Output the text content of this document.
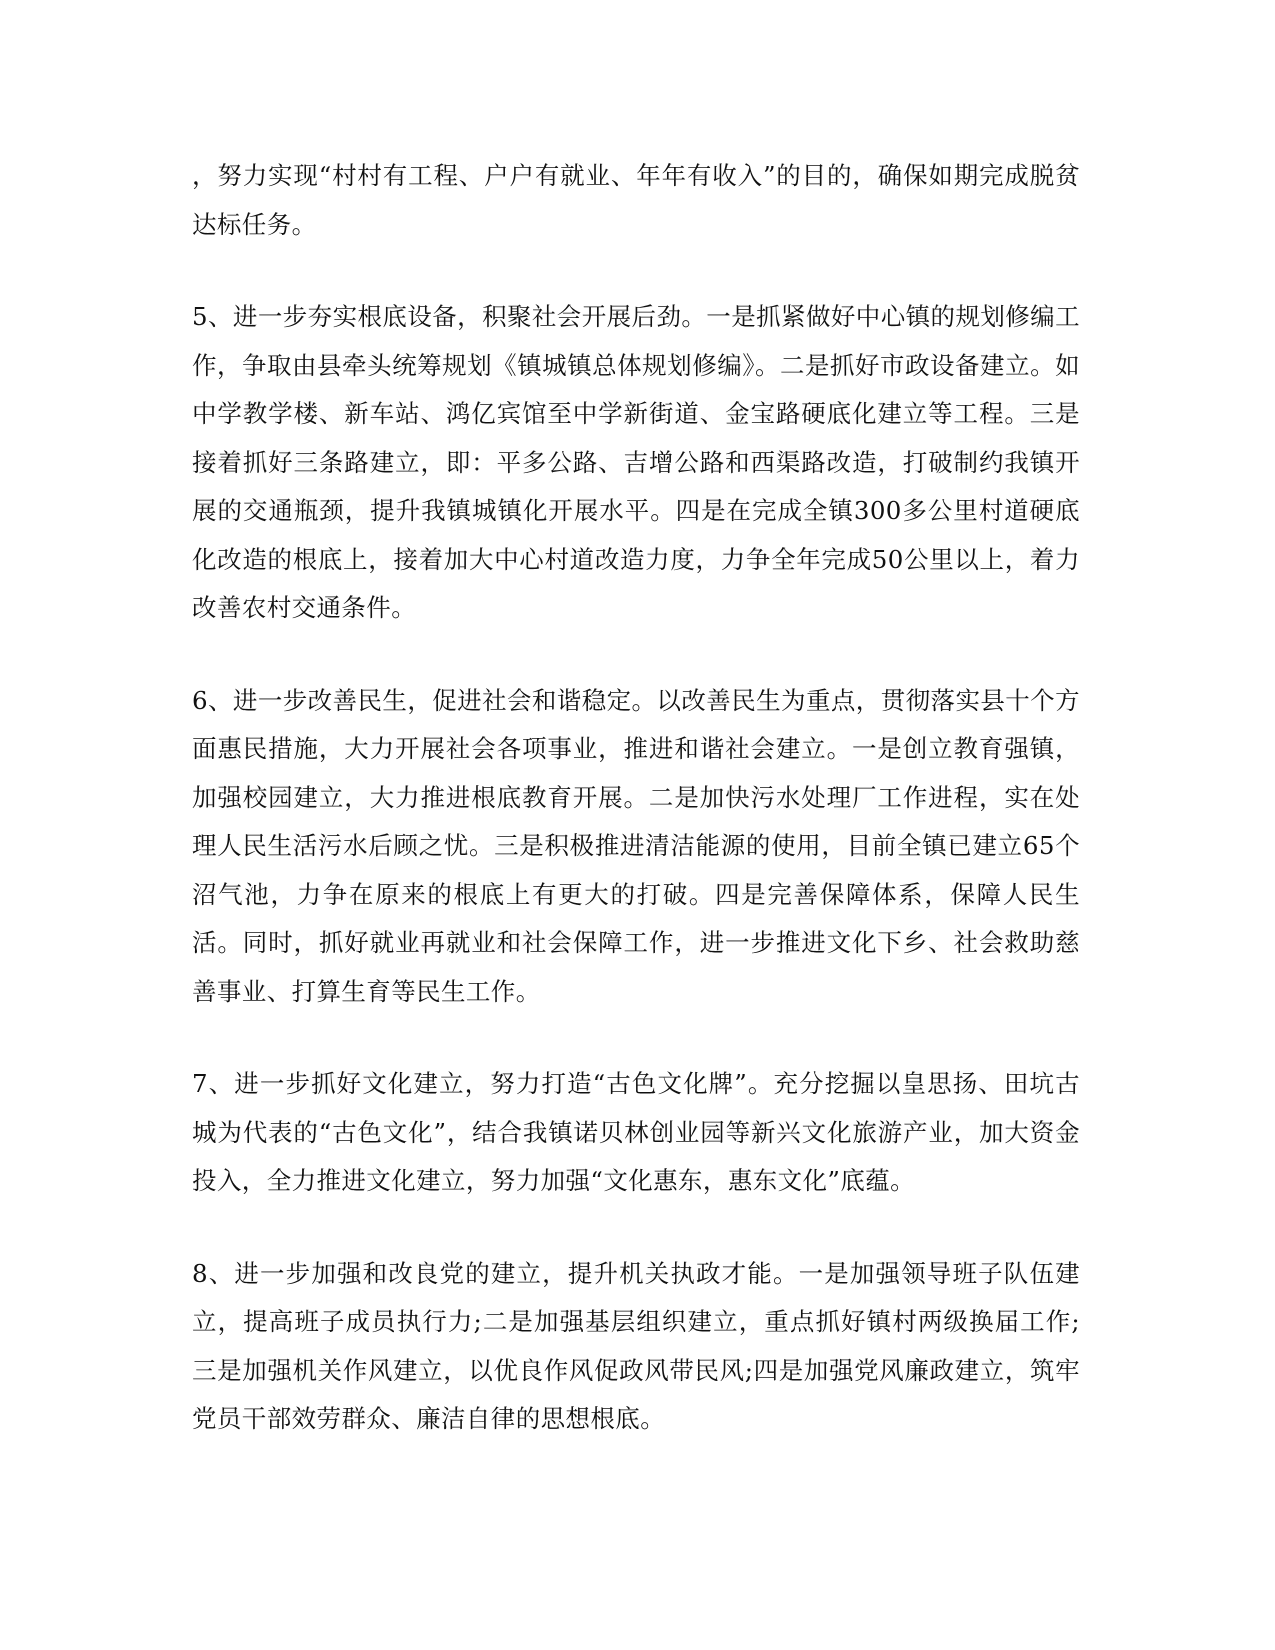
，努力实现“村村有工程、户户有就业、年年有收入”的目的，确保如期完成脱贫达标任务。

5、进一步夯实根底设备，积聚社会开展后劲。一是抓紧做好中心镇的规划修编工作，争取由县牵头统筹规划《镇城镇总体规划修编》。二是抓好市政设备建立。如中学教学楼、新车站、鸿亿宾馆至中学新街道、金宝路硬底化建立等工程。三是接着抓好三条路建立，即：平多公路、吉增公路和西渠路改造，打破制约我镇开展的交通瓶颈，提升我镇城镇化开展水平。四是在完成全镇300多公里村道硬底化改造的根底上，接着加大中心村道改造力度，力争全年完成50公里以上，着力改善农村交通条件。

6、进一步改善民生，促进社会和谐稳定。以改善民生为重点，贯彻落实县十个方面惠民措施，大力开展社会各项事业，推进和谐社会建立。一是创立教育强镇，加强校园建立，大力推进根底教育开展。二是加快污水处理厂工作进程，实在处理人民生活污水后顾之忧。三是积极推进清洁能源的使用，目前全镇已建立65个沼气池，力争在原来的根底上有更大的打破。四是完善保障体系，保障人民生活。同时，抓好就业再就业和社会保障工作，进一步推进文化下乡、社会救助慈善事业、打算生育等民生工作。

7、进一步抓好文化建立，努力打造“古色文化牌”。充分挖掘以皇思扬、田坑古城为代表的“古色文化”，结合我镇诺贝林创业园等新兴文化旅游产业，加大资金投入，全力推进文化建立，努力加强“文化惠东，惠东文化”底蕴。

8、进一步加强和改良党的建立，提升机关执政才能。一是加强领导班子队伍建立，提高班子成员执行力;二是加强基层组织建立，重点抓好镇村两级换届工作;三是加强机关作风建立，以优良作风促政风带民风;四是加强党风廉政建立，筑牢党员干部效劳群众、廉洁自律的思想根底。
